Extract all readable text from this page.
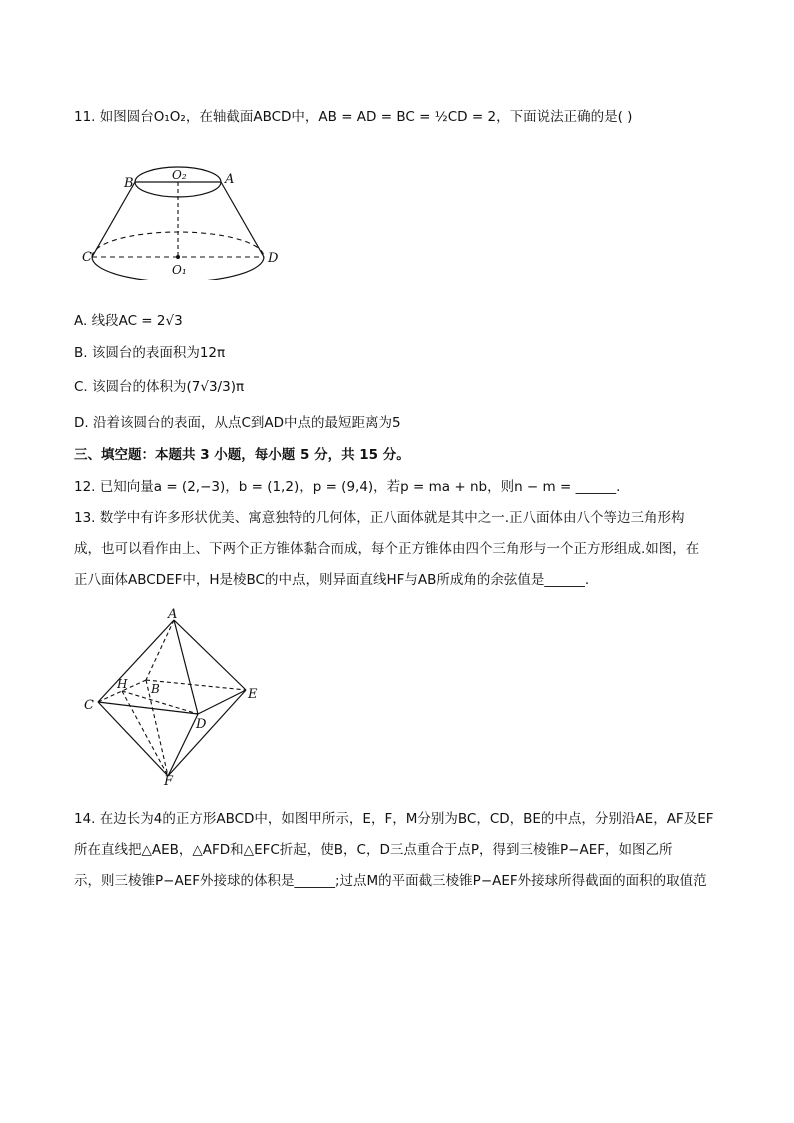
11. 如图圆台O₁O₂，在轴截面ABCD中，AB = AD = BC = ½CD = 2，下面说法正确的是( )
B	A
O₂
C	D
O₁
A. 线段AC = 2√3
B. 该圆台的表面积为12π
C. 该圆台的体积为(7√3/3)π
D. 沿着该圆台的表面，从点C到AD中点的最短距离为5
三、填空题：本题共 3 小题，每小题 5 分，共 15 分。
12. 已知向量a = (2,−3)，b = (1,2)，p = (9,4)，若p = ma + nb，则n − m = ______.
13. 数学中有许多形状优美、寓意独特的几何体，正八面体就是其中之一.正八面体由八个等边三角形构
成，也可以看作由上、下两个正方锥体黏合而成，每个正方锥体由四个三角形与一个正方形组成.如图，在
正八面体ABCDEF中，H是棱BC的中点，则异面直线HF与AB所成角的余弦值是______.
A
H B
C
E
D
F
14. 在边长为4的正方形ABCD中，如图甲所示，E，F，M分别为BC，CD，BE的中点，分别沿AE，AF及EF
所在直线把△AEB，△AFD和△EFC折起，使B，C，D三点重合于点P，得到三棱锥P−AEF，如图乙所
示，则三棱锥P−AEF外接球的体积是______;过点M的平面截三棱锥P−AEF外接球所得截面的面积的取值范
